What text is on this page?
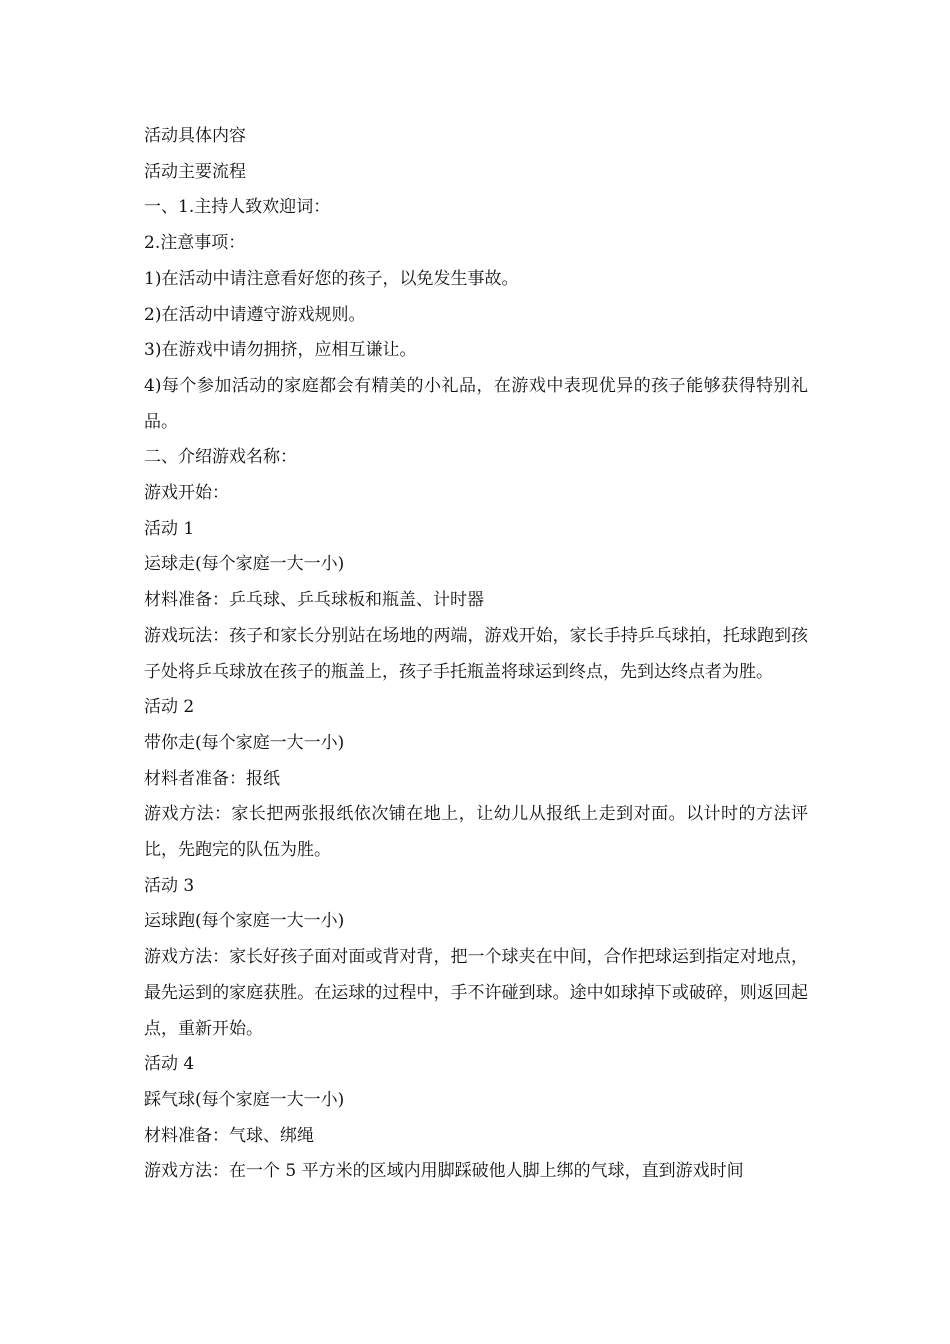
活动具体内容

活动主要流程

一、1.主持人致欢迎词：

2.注意事项：

1)在活动中请注意看好您的孩子，以免发生事故。

2)在活动中请遵守游戏规则。

3)在游戏中请勿拥挤，应相互谦让。

4)每个参加活动的家庭都会有精美的小礼品，在游戏中表现优异的孩子能够获得特别礼品。

二、介绍游戏名称：

游戏开始：

活动 1

运球走(每个家庭一大一小)

材料准备：乒乓球、乒乓球板和瓶盖、计时器

游戏玩法：孩子和家长分别站在场地的两端，游戏开始，家长手持乒乓球拍，托球跑到孩子处将乒乓球放在孩子的瓶盖上，孩子手托瓶盖将球运到终点，先到达终点者为胜。

活动 2

带你走(每个家庭一大一小)

材料者准备：报纸

游戏方法：家长把两张报纸依次铺在地上，让幼儿从报纸上走到对面。以计时的方法评比，先跑完的队伍为胜。

活动 3

运球跑(每个家庭一大一小)

游戏方法：家长好孩子面对面或背对背，把一个球夹在中间，合作把球运到指定对地点，最先运到的家庭获胜。在运球的过程中，手不许碰到球。途中如球掉下或破碎，则返回起点，重新开始。

活动 4

踩气球(每个家庭一大一小)

材料准备：气球、绑绳

游戏方法：在一个 5 平方米的区域内用脚踩破他人脚上绑的气球，直到游戏时间
